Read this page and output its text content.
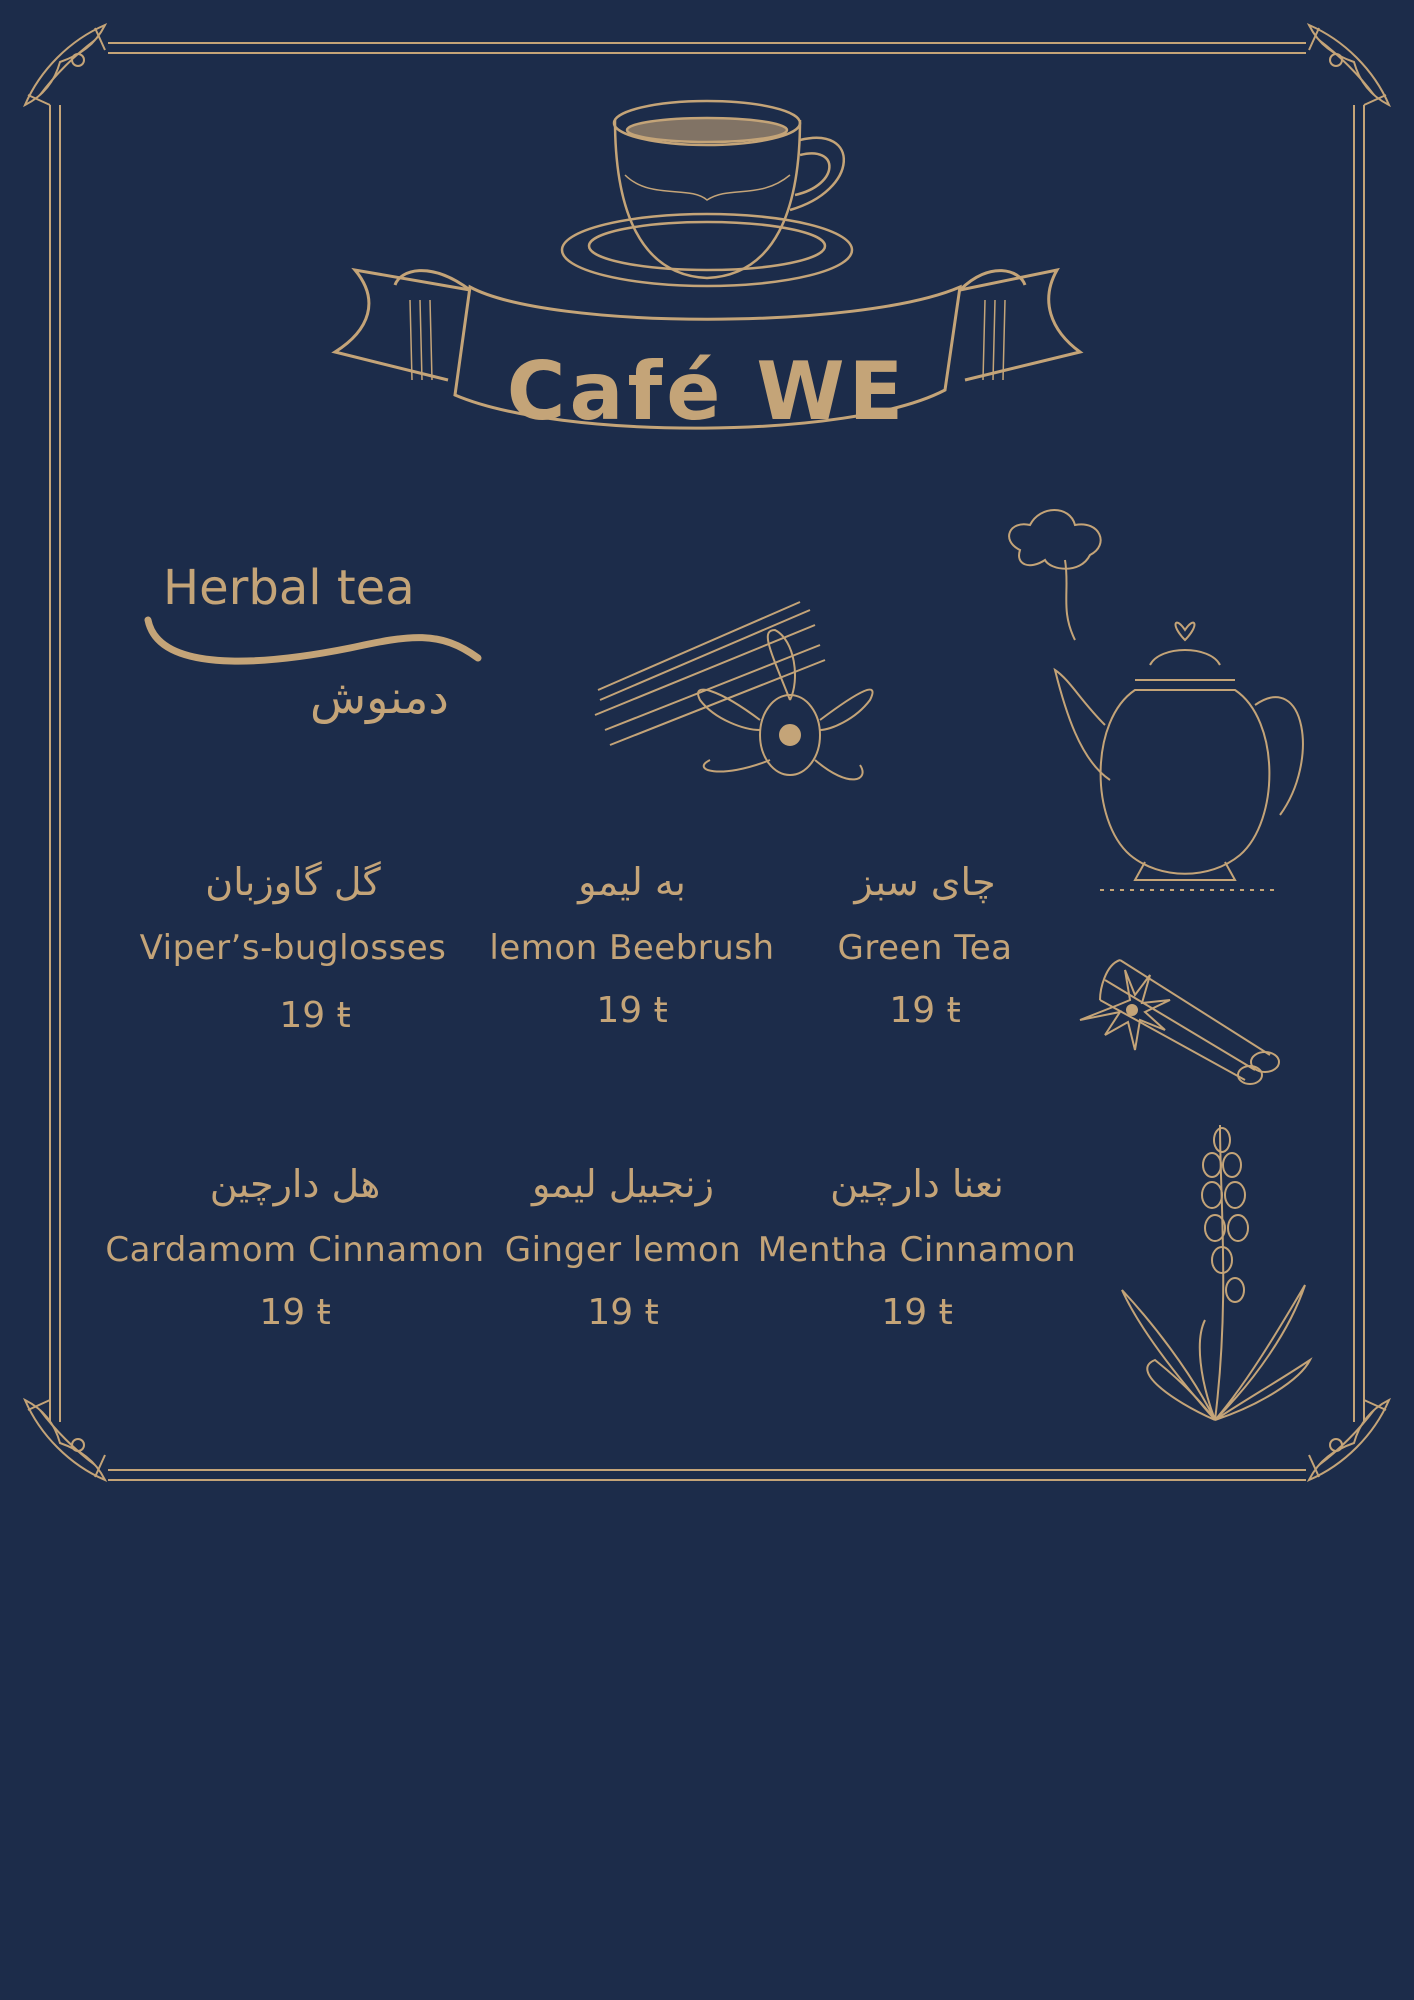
Café WE
Herbal tea
دمنوش
گل گاوزبان
Viper’s-buglosses
19 ŧ
به لیمو
lemon Beebrush
19 ŧ
چای سبز
Green Tea
19 ŧ
هل دارچین
Cardamom Cinnamon
19 ŧ
زنجبیل لیمو
Ginger lemon
19 ŧ
نعنا دارچین
Mentha Cinnamon
19 ŧ
